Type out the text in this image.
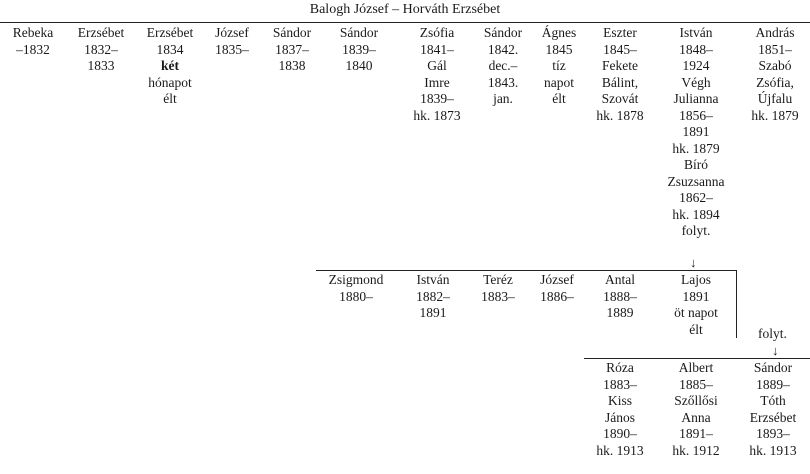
Balogh József – Horváth Erzsébet
Rebeka
–1832
Erzsébet
1832–
1833
Erzsébet
1834
két
hónapot
élt
József
1835–
Sándor
1837–
1838
Sándor
1839–
1840
Zsófia
1841–
Gál
Imre
1839–
hk. 1873
Sándor
1842.
dec.–
1843.
jan.
Ágnes
1845
tíz
napot
élt
Eszter
1845–
Fekete
Bálint,
Szovát
hk. 1878
István
1848–
1924
Végh
Julianna
1856–
1891
hk. 1879
Bíró
Zsuzsanna
1862–
hk. 1894
folyt.
András
1851–
Szabó
Zsófia,
Újfalu
hk. 1879
↓
Zsigmond
1880–
István
1882–
1891
Teréz
1883–
József
1886–
Antal
1888–
1889
Lajos
1891
öt napot
élt	folyt.
↓
Róza
1883–
Kiss
János
1890–
hk. 1913
Albert
1885–
Szőllősi
Anna
1891–
hk. 1912
Sándor
1889–
Tóth
Erzsébet
1893–
hk. 1913
